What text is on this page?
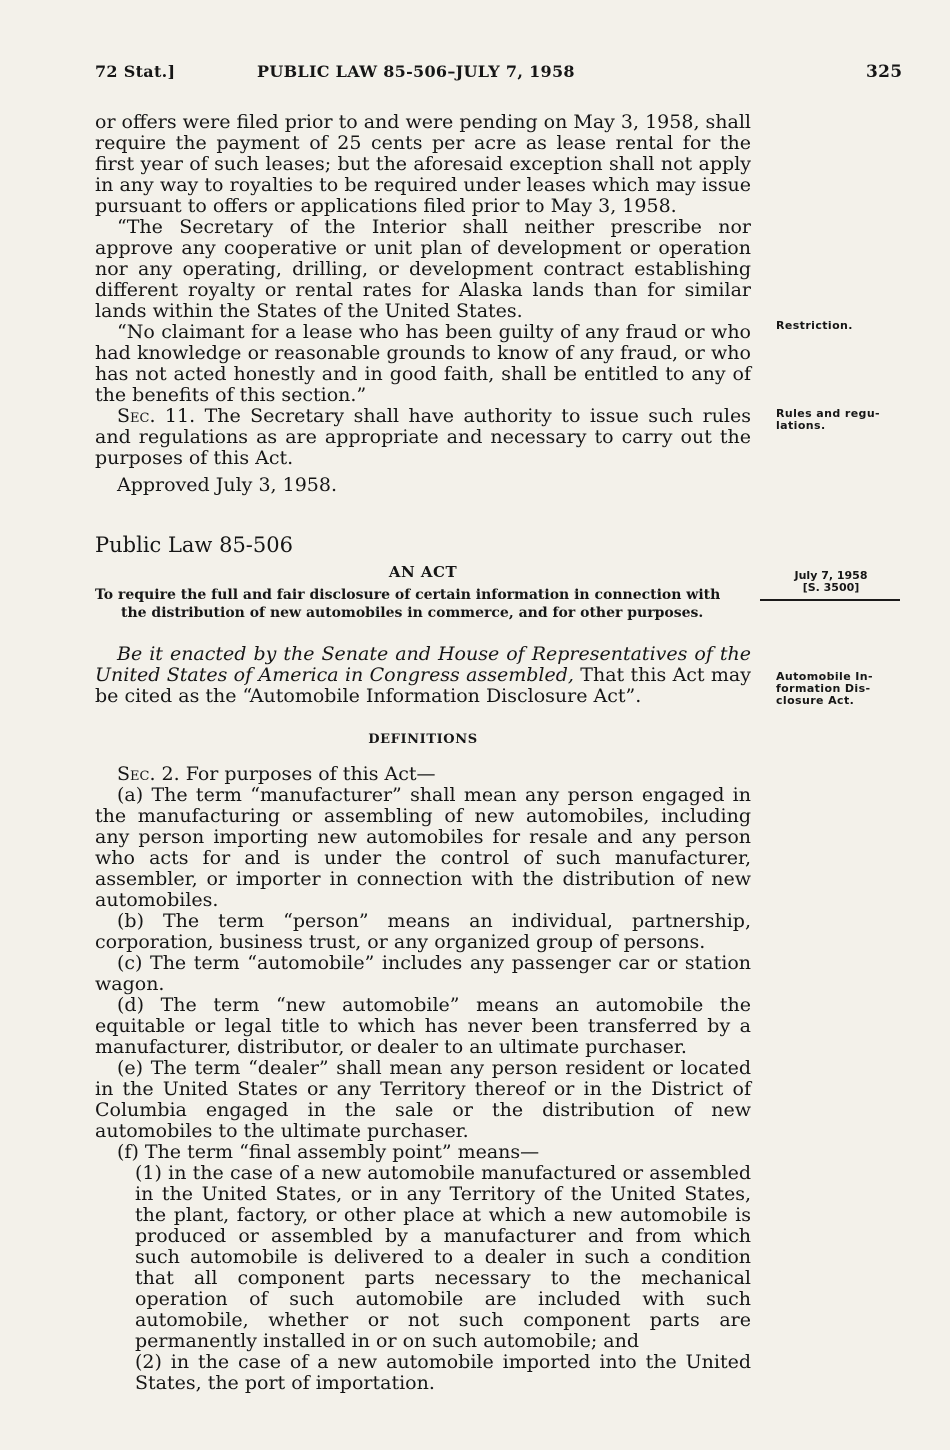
72 Stat.]	PUBLIC LAW 85-506–JULY 7, 1958	325

or offers were filed prior to and were pending on May 3, 1958, shall require the payment of 25 cents per acre as lease rental for the first year of such leases; but the aforesaid exception shall not apply in any way to royalties to be required under leases which may issue pursuant to offers or applications filed prior to May 3, 1958.

“The Secretary of the Interior shall neither prescribe nor approve any cooperative or unit plan of development or operation nor any operating, drilling, or development contract establishing different royalty or rental rates for Alaska lands than for similar lands within the States of the United States.

“No claimant for a lease who has been guilty of any fraud or who had knowledge or reasonable grounds to know of any fraud, or who has not acted honestly and in good faith, shall be entitled to any of the benefits of this section.”

Sec. 11. The Secretary shall have authority to issue such rules and regulations as are appropriate and necessary to carry out the purposes of this Act.

Approved July 3, 1958.

Public Law 85-506
AN ACT
To require the full and fair disclosure of certain information in connection with
the distribution of new automobiles in commerce, and for other purposes.

Be it enacted by the Senate and House of Representatives of the United States of America in Congress assembled, That this Act may be cited as the “Automobile Information Disclosure Act”.

DEFINITIONS

Sec. 2. For purposes of this Act—

(a) The term “manufacturer” shall mean any person engaged in the manufacturing or assembling of new automobiles, including any person importing new automobiles for resale and any person who acts for and is under the control of such manufacturer, assembler, or importer in connection with the distribution of new automobiles.

(b) The term “person” means an individual, partnership, corporation, business trust, or any organized group of persons.

(c) The term “automobile” includes any passenger car or station wagon.

(d) The term “new automobile” means an automobile the equitable or legal title to which has never been transferred by a manufacturer, distributor, or dealer to an ultimate purchaser.

(e) The term “dealer” shall mean any person resident or located in the United States or any Territory thereof or in the District of Columbia engaged in the sale or the distribution of new automobiles to the ultimate purchaser.

(f) The term “final assembly point” means—

(1) in the case of a new automobile manufactured or assembled in the United States, or in any Territory of the United States, the plant, factory, or other place at which a new automobile is produced or assembled by a manufacturer and from which such automobile is delivered to a dealer in such a condition that all component parts necessary to the mechanical operation of such automobile are included with such automobile, whether or not such component parts are permanently installed in or on such automobile; and

(2) in the case of a new automobile imported into the United States, the port of importation.

Restriction.
Rules and regu-
lations.
July 7, 1958
[S. 3500]
Automobile In-
formation Dis-
closure Act.
